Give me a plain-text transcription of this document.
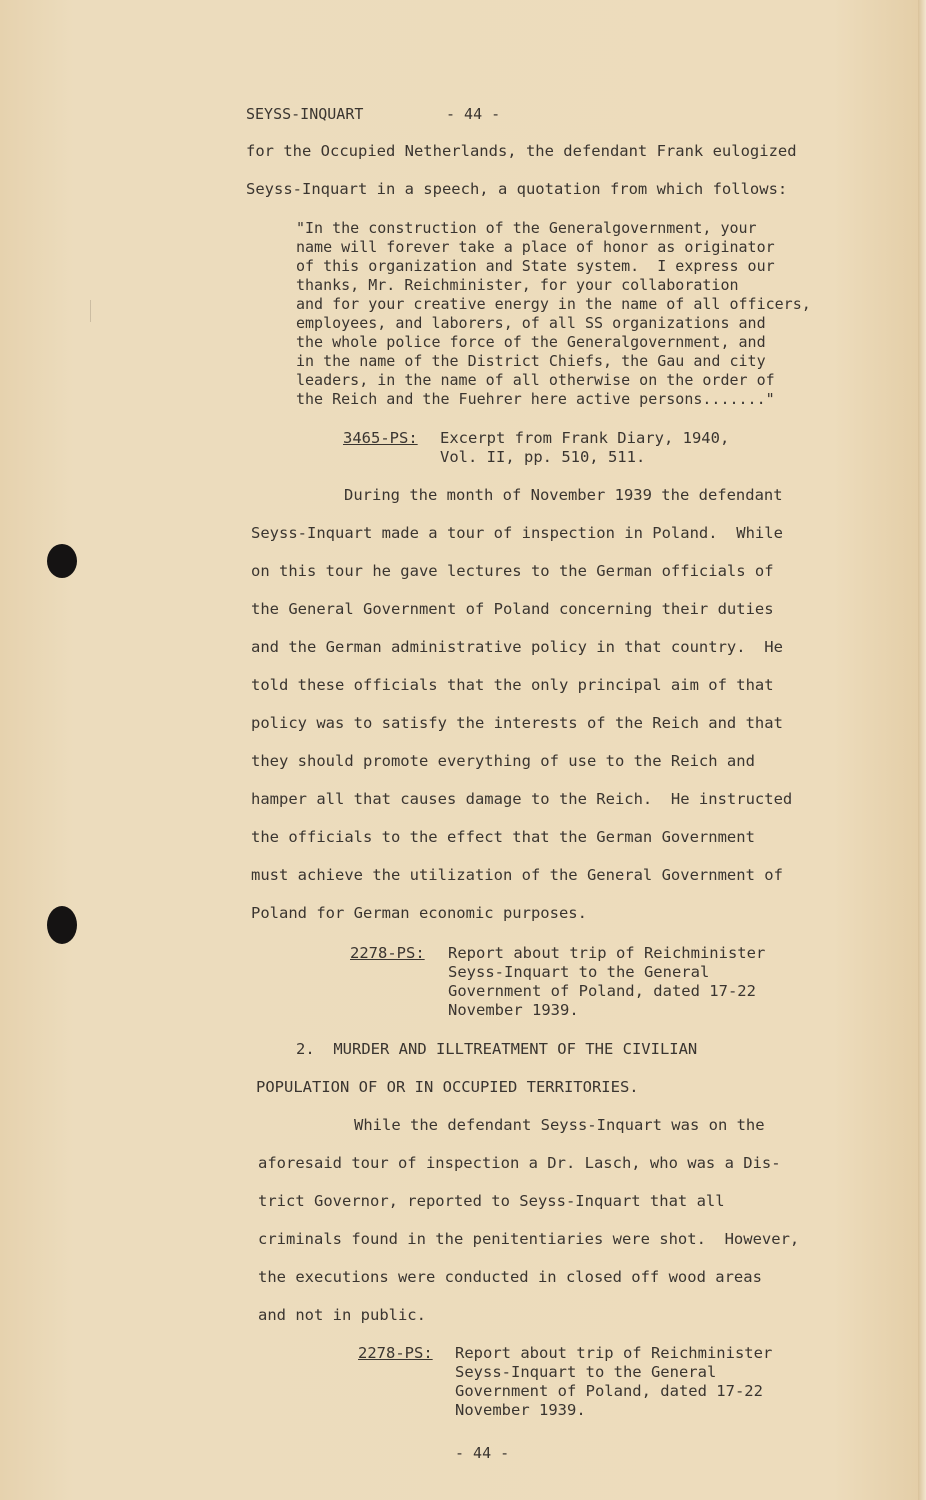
SEYSS-INQUART	- 44 -
for the Occupied Netherlands, the defendant Frank eulogized
Seyss-Inquart in a speech, a quotation from which follows:
"In the construction of the Generalgovernment, your
name will forever take a place of honor as originator
of this organization and State system.  I express our
thanks, Mr. Reichminister, for your collaboration
and for your creative energy in the name of all officers,
employees, and laborers, of all SS organizations and
the whole police force of the Generalgovernment, and
in the name of the District Chiefs, the Gau and city
leaders, in the name of all otherwise on the order of
the Reich and the Fuehrer here active persons......."
3465-PS: Excerpt from Frank Diary, 1940,
Vol. II, pp. 510, 511.
During the month of November 1939 the defendant
Seyss-Inquart made a tour of inspection in Poland.  While
on this tour he gave lectures to the German officials of
the General Government of Poland concerning their duties
and the German administrative policy in that country.  He
told these officials that the only principal aim of that
policy was to satisfy the interests of the Reich and that
they should promote everything of use to the Reich and
hamper all that causes damage to the Reich.  He instructed
the officials to the effect that the German Government
must achieve the utilization of the General Government of
Poland for German economic purposes.
2278-PS: Report about trip of Reichminister
Seyss-Inquart to the General
Government of Poland, dated 17-22
November 1939.
2.  MURDER AND ILLTREATMENT OF THE CIVILIAN
POPULATION OF OR IN OCCUPIED TERRITORIES.
While the defendant Seyss-Inquart was on the
aforesaid tour of inspection a Dr. Lasch, who was a Dis-
trict Governor, reported to Seyss-Inquart that all
criminals found in the penitentiaries were shot.  However,
the executions were conducted in closed off wood areas
and not in public.
2278-PS: Report about trip of Reichminister
Seyss-Inquart to the General
Government of Poland, dated 17-22
November 1939.
- 44 -
